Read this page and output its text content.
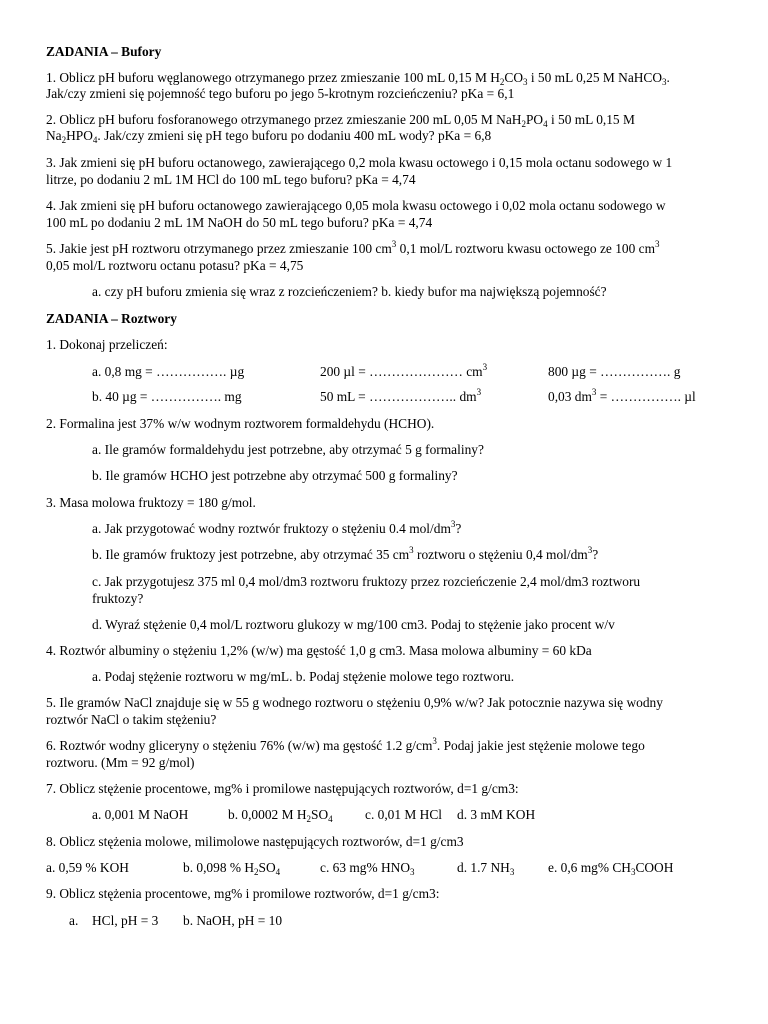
ZADANIA – Bufory
1. Oblicz pH buforu węglanowego otrzymanego przez zmieszanie 100 mL 0,15 M $H_2CO_3$ i 50 mL 0,25 M NaHCO$_3$.
Jak/czy zmieni się pojemność tego buforu po jego 5-krotnym rozcieńczeniu? pKa = 6,1
2. Oblicz pH buforu fosforanowego otrzymanego przez zmieszanie 200 mL 0,05 M $NaH_2PO_4$ i 50 mL 0,15 M
$Na_2HPO_4$. Jak/czy zmieni się pH tego buforu po dodaniu 400 mL wody? pKa = 6,8
3. Jak zmieni się pH buforu octanowego, zawierającego 0,2 mola kwasu octowego i 0,15 mola octanu sodowego w 1
litrze, po dodaniu 2 mL 1M HCl do 100 mL tego buforu? pKa = 4,74
4. Jak zmieni się pH buforu octanowego zawierającego 0,05 mola kwasu octowego i 0,02 mola octanu sodowego w
100 mL po dodaniu 2 mL 1M NaOH do 50 mL tego buforu? pKa = 4,74
5. Jakie jest pH roztworu otrzymanego przez zmieszanie 100 $cm^3$ 0,1 mol/L roztworu kwasu octowego ze 100 $cm^3$
0,05 mol/L roztworu octanu potasu? pKa = 4,75
a. czy pH buforu zmienia się wraz z rozcieńczeniem? b. kiedy bufor ma największą pojemność?
ZADANIA – Roztwory
1. Dokonaj przeliczeń:
a. 0,8 mg = ……………. µg	200 µl = ………………… $cm^3$	800 µg = ……………. g
b. 40 µg = ……………. mg	50 mL = ……………….. $dm^3$	0,03 $dm^3$ = ……………. µl
2. Formalina jest 37% w/w wodnym roztworem formaldehydu (HCHO).
a. Ile gramów formaldehydu jest potrzebne, aby otrzymać 5 g formaliny?
b. Ile gramów HCHO jest potrzebne aby otrzymać 500 g formaliny?
3. Masa molowa fruktozy = 180 g/mol.
a. Jak przygotować wodny roztwór fruktozy o stężeniu 0.4 mol/$dm^3$?
b. Ile gramów fruktozy jest potrzebne, aby otrzymać 35 $cm^3$ roztworu o stężeniu 0,4 mol/$dm^3$?
c. Jak przygotujesz 375 ml 0,4 mol/dm3 roztworu fruktozy przez rozcieńczenie 2,4 mol/dm3 roztworu
fruktozy?
d. Wyraź stężenie 0,4 mol/L roztworu glukozy w mg/100 cm3. Podaj to stężenie jako procent w/v
4. Roztwór albuminy o stężeniu 1,2% (w/w) ma gęstość 1,0 g cm3. Masa molowa albuminy = 60 kDa
a. Podaj stężenie roztworu w mg/mL. b. Podaj stężenie molowe tego roztworu.
5. Ile gramów NaCl znajduje się w 55 g wodnego roztworu o stężeniu 0,9% w/w? Jak potocznie nazywa się wodny
roztwór NaCl o takim stężeniu?
6. Roztwór wodny gliceryny o stężeniu 76% (w/w) ma gęstość 1.2 $g/cm^3$. Podaj jakie jest stężenie molowe tego
roztworu. (Mm = 92 g/mol)
7. Oblicz stężenie procentowe, mg% i promilowe następujących roztworów, d=1 g/cm3:
a. 0,001 M NaOH	b. 0,0002 M $H_2SO_4$ c. 0,01 M HCl d. 3 mM KOH
8. Oblicz stężenia molowe, milimolowe następujących roztworów, d=1 g/cm3
a. 0,59 % KOH	b. 0,098 % $H_2SO_4$	c. 63 mg% $HNO_3$	d. 1.7 $NH_3$	e. 0,6 mg% $CH_3COOH$
9. Oblicz stężenia procentowe, mg% i promilowe roztworów, d=1 g/cm3:
a. HCl, pH = 3 b. NaOH, pH = 10
